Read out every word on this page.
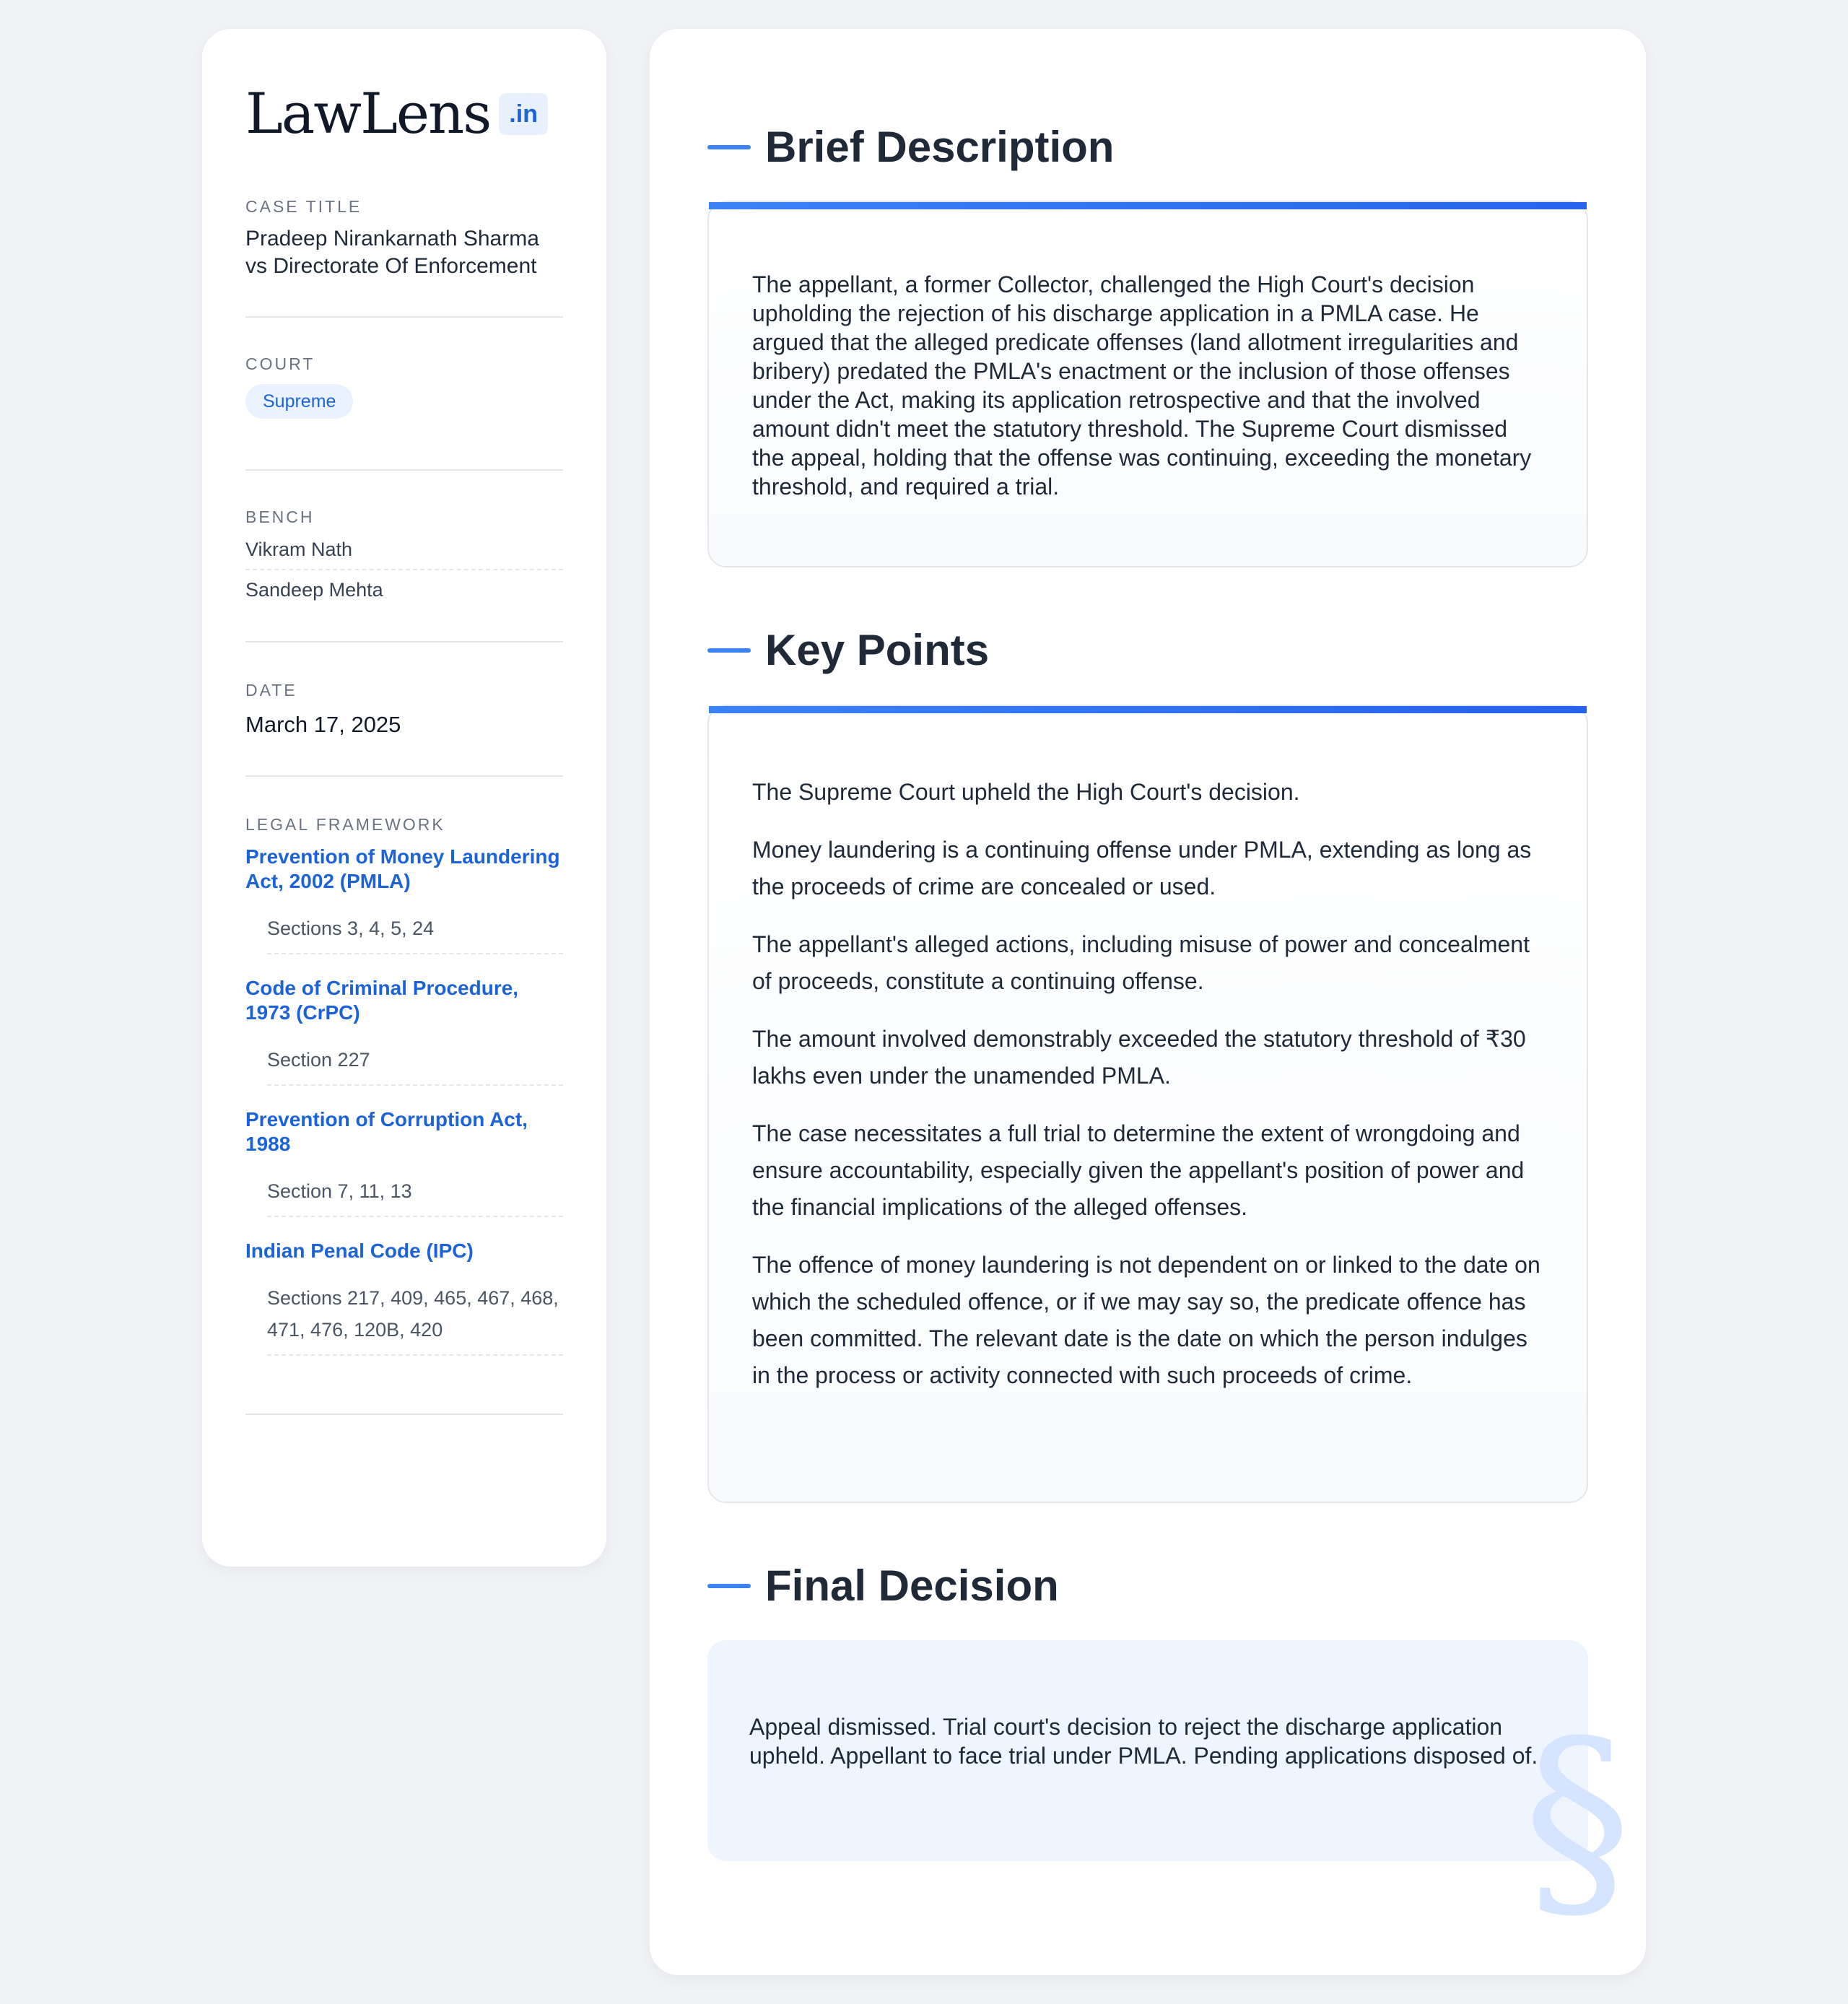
LawLens .in
CASE TITLE
Pradeep Nirankarnath Sharma vs Directorate Of Enforcement
COURT
Supreme
BENCH
Vikram Nath
Sandeep Mehta
DATE
March 17, 2025
LEGAL FRAMEWORK
Prevention of Money Laundering Act, 2002 (PMLA)
Sections 3, 4, 5, 24
Code of Criminal Procedure, 1973 (CrPC)
Section 227
Prevention of Corruption Act, 1988
Section 7, 11, 13
Indian Penal Code (IPC)
Sections 217, 409, 465, 467, 468, 471, 476, 120B, 420
Brief Description

The appellant, a former Collector, challenged the High Court's decision upholding the rejection of his discharge application in a PMLA case. He argued that the alleged predicate offenses (land allotment irregularities and bribery) predated the PMLA's enactment or the inclusion of those offenses under the Act, making its application retrospective and that the involved amount didn't meet the statutory threshold. The Supreme Court dismissed the appeal, holding that the offense was continuing, exceeding the monetary threshold, and required a trial.

Key Points
The Supreme Court upheld the High Court's decision.
Money laundering is a continuing offense under PMLA, extending as long as the proceeds of crime are concealed or used.
The appellant's alleged actions, including misuse of power and concealment of proceeds, constitute a continuing offense.
The amount involved demonstrably exceeded the statutory threshold of ₹30 lakhs even under the unamended PMLA.
The case necessitates a full trial to determine the extent of wrongdoing and ensure accountability, especially given the appellant's position of power and the financial implications of the alleged offenses.
The offence of money laundering is not dependent on or linked to the date on which the scheduled offence, or if we may say so, the predicate offence has been committed. The relevant date is the date on which the person indulges in the process or activity connected with such proceeds of crime.
Final Decision

Appeal dismissed. Trial court's decision to reject the discharge application upheld. Appellant to face trial under PMLA. Pending applications disposed of.

§
